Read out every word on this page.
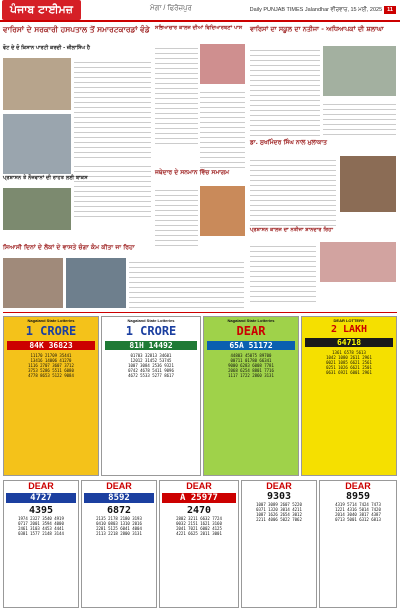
ਪੰਜਾਬ ਟਾਈਮਜ਼	ਮੋਗਾ / ਫਿਰੋਜ਼ਪੁਰ	Daily PUNJAB TIMES Jalandhar ਵੀਰਵਾਰ, 15 ਮਈ, 2025 11
ਵਾਰਿਸਾਂ ਦੇ ਸਰਕਾਰੀ ਹਸਪਤਾਲ ਤੋਂ ਸਮਾਰਟਕਾਰਡਾਂ ਵੰਡੇ
ਵੋਟ ਦੇ ਦੋ ਕਿਸਾਨ ਪਾਰਟੀ ਕਰਦੀ - ਜ਼ੀਲਾਸਿੰਘ ਹੈ
ਪ੍ਰਸ਼ਾਸਨ ਤੇ ਨੌਜਵਾਨਾਂ ਦੀ ਰਾਹਤ ਲਈ ਬਾਕਸ
ਸਭਿਆਚਾਰ ਕਾਲਜ ਦੀਆਂ ਵਿਦਿਆਰਥਣਾਂ ਪਾਸ
ਜਥੇਦਾਰ ਦੇ ਸਨਮਾਨ ਵਿੱਚ ਸਮਾਗਮ
ਵਾਰਿਸਾਂ ਦਾ ਸਕੂਲ ਦਾ ਨਤੀਜਾ - ਅਧਿਆਪਕਾਂ ਦੀ ਸ਼ਲਾਘਾ
ਡਾ. ਸੁਖਮਿੰਦਰ ਸਿੰਘ ਨਾਲ ਮੁਲਾਕਾਤ
ਪ੍ਰਸ਼ਾਸਨ ਕਾਲਜ ਦਾ ਨਤੀਜਾ ਸ਼ਾਨਦਾਰ ਰਿਹਾ
ਸਿਆਸੀ ਦਿਨਾਂ ਦੇ ਲੋਕਾਂ ਦੇ ਵਾਸਤੇ ਚੰਗਾ ਕੰਮ ਕੀਤਾ ਜਾ ਰਿਹਾ
Nagaland State Lotteries
1 CRORE
84K 36823
11170 21709 35441
13416 14006 41270
1116 2707 3607 3712
3753 5286 5511 6080
4778 8653 5122 9084
Nagaland State Lotteries
1 CRORE
81H 14492
01703 32813 34601
12012 31452 53745
1007 3084 2536 9321
0742 4678 5411 9096
4672 5533 5277 8617
Nagaland State Lotteries
DEAR
65A 51172
44803 45075 89700
00711 01780 66341
9000 6283 6008 7781
2068 6254 8801 7716
1117 1722 2860 3131
DEAR LOTTERY
2 LAKH
64718
1361 6578 5613
1042 1080 2611 2961
0021 1085 6621 2561
0251 1026 6621 2501
0631 6921 6001 2961
DEAR
4727
4395
1974 2327 3540 4919
0717 2001 3594 4000
2461 3103 4453 4441
0381 1577 2148 3144
DEAR
8592
6872
2135 2178 2180 3193
0410 0803 1310 2016
2281 5125 6041 4004
2113 2218 2800 3131
DEAR
A 25977
2470
2802 3211 6632 7724
0032 2151 1621 3160
2041 7021 6002 4125
4221 6625 2011 3001
DEAR
9303
1007 3089 2607 5220
0371 1320 3014 4211
1087 1626 2654 3012
2211 4006 5022 7062
DEAR
8959
4319 5714 7424 7473
1221 4316 5014 7420
2014 3040 3817 4387
0713 5001 6312 6813
